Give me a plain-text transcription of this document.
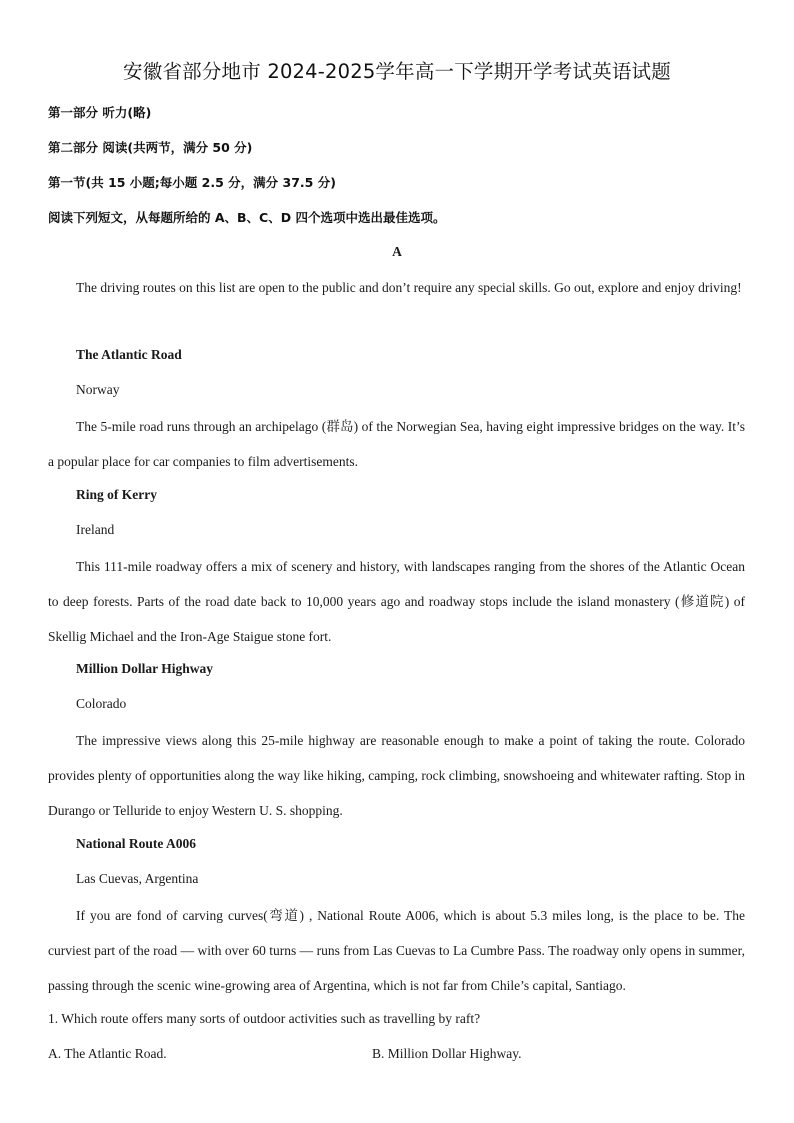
安徽省部分地市 2024-2025学年高一下学期开学考试英语试题
第一部分 听力(略)
第二部分 阅读(共两节，满分 50 分)
第一节(共 15 小题;每小题 2.5 分，满分 37.5 分)
阅读下列短文，从每题所给的 A、B、C、D 四个选项中选出最佳选项。
A

The driving routes on this list are open to the public and don’t require any special skills. Go out, explore and enjoy driving!

The Atlantic Road
Norway

The 5-mile road runs through an archipelago (群岛) of the Norwegian Sea, having eight impressive bridges on the way. It’s a popular place for car companies to film advertisements.

Ring of Kerry
Ireland

This 111-mile roadway offers a mix of scenery and history, with landscapes ranging from the shores of the Atlantic Ocean to deep forests. Parts of the road date back to 10,000 years ago and roadway stops include the island monastery (修道院) of Skellig Michael and the Iron-Age Staigue stone fort.

Million Dollar Highway
Colorado

The impressive views along this 25-mile highway are reasonable enough to make a point of taking the route. Colorado provides plenty of opportunities along the way like hiking, camping, rock climbing, snowshoeing and whitewater rafting. Stop in Durango or Telluride to enjoy Western U. S. shopping.

National Route A006
Las Cuevas, Argentina

If you are fond of carving curves(弯道) , National Route A006, which is about 5.3 miles long, is the place to be. The curviest part of the road — with over 60 turns — runs from Las Cuevas to La Cumbre Pass. The roadway only opens in summer, passing through the scenic wine-growing area of Argentina, which is not far from Chile’s capital, Santiago.

1. Which route offers many sorts of outdoor activities such as travelling by raft?
A. The Atlantic Road.	B. Million Dollar Highway.
